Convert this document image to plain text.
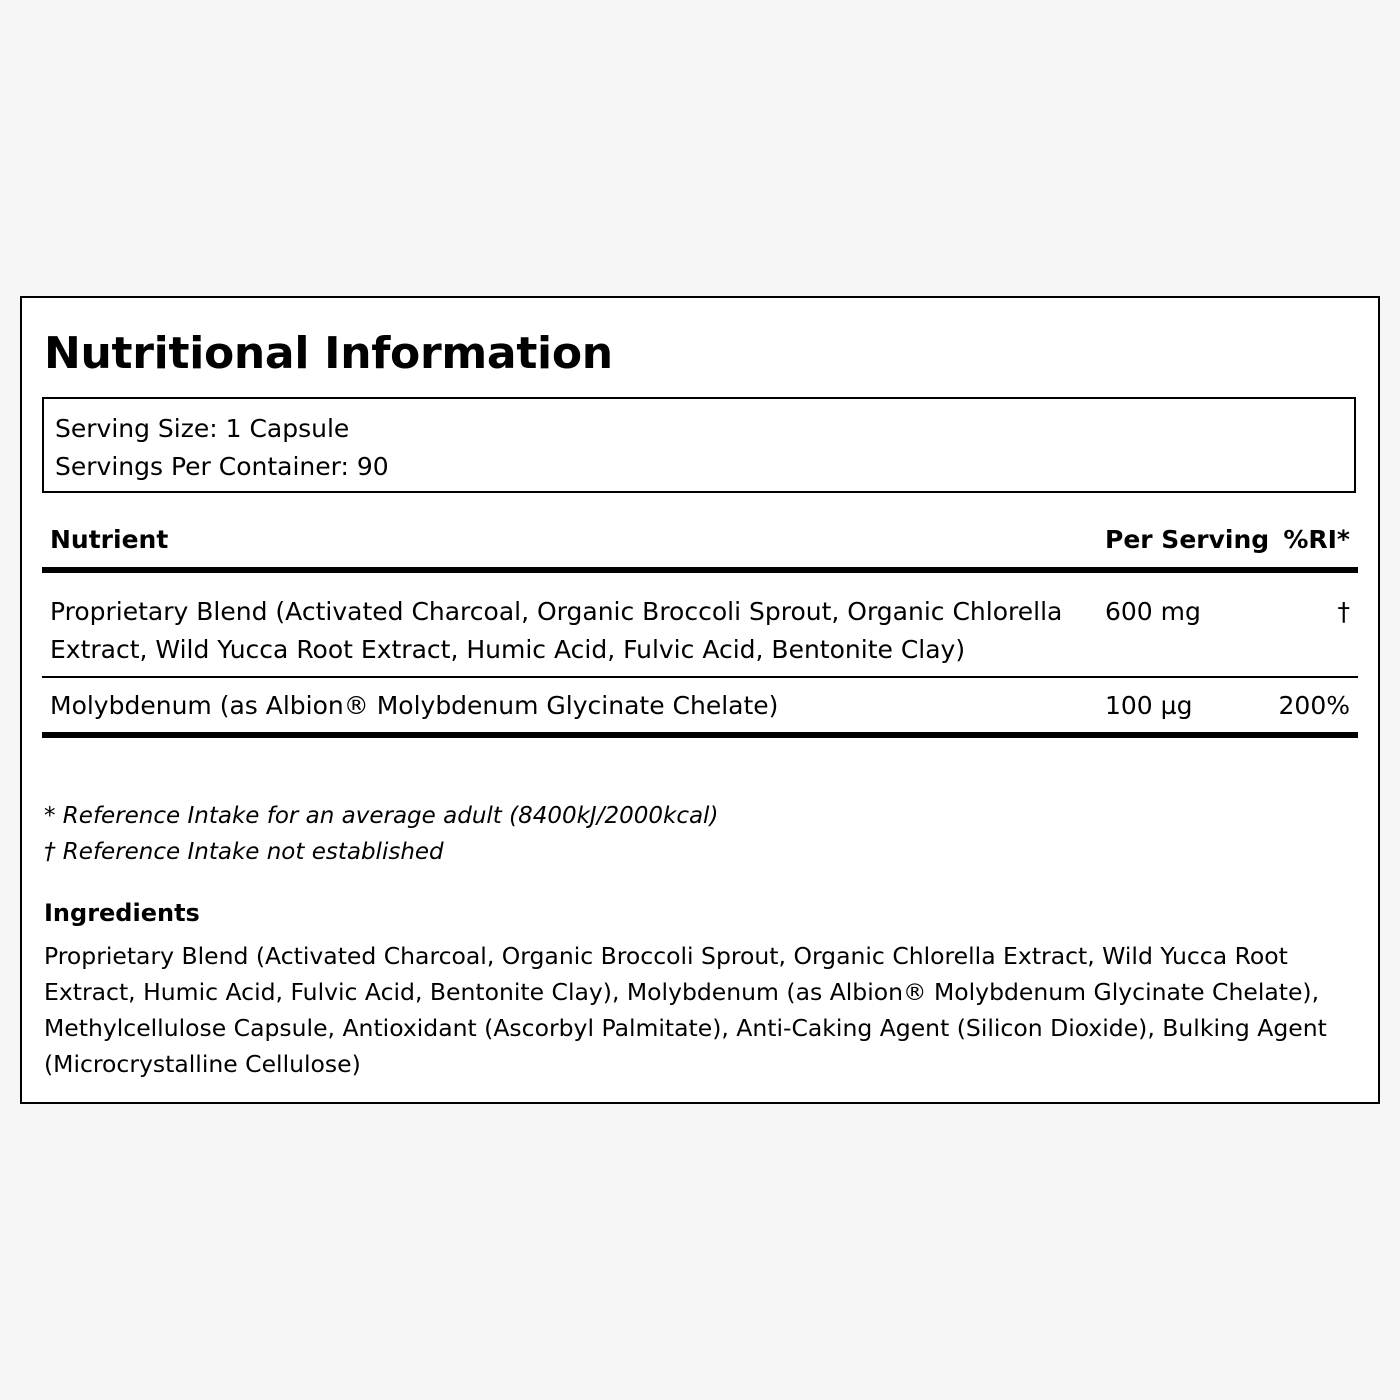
Nutritional Information
Serving Size: 1 Capsule
Servings Per Container: 90
Nutrient	Per Serving	%RI*
Proprietary Blend (Activated Charcoal, Organic Broccoli Sprout, Organic Chlorella Extract, Wild Yucca Root Extract, Humic Acid, Fulvic Acid, Bentonite Clay)	600 mg	†
Molybdenum (as Albion® Molybdenum Glycinate Chelate)	100 µg	200%
* Reference Intake for an average adult (8400kJ/2000kcal)
† Reference Intake not established
Ingredients

Proprietary Blend (Activated Charcoal, Organic Broccoli Sprout, Organic Chlorella Extract, Wild Yucca Root Extract, Humic Acid, Fulvic Acid, Bentonite Clay), Molybdenum (as Albion® Molybdenum Glycinate Chelate), Methylcellulose Capsule, Antioxidant (Ascorbyl Palmitate), Anti-Caking Agent (Silicon Dioxide), Bulking Agent (Microcrystalline Cellulose)
